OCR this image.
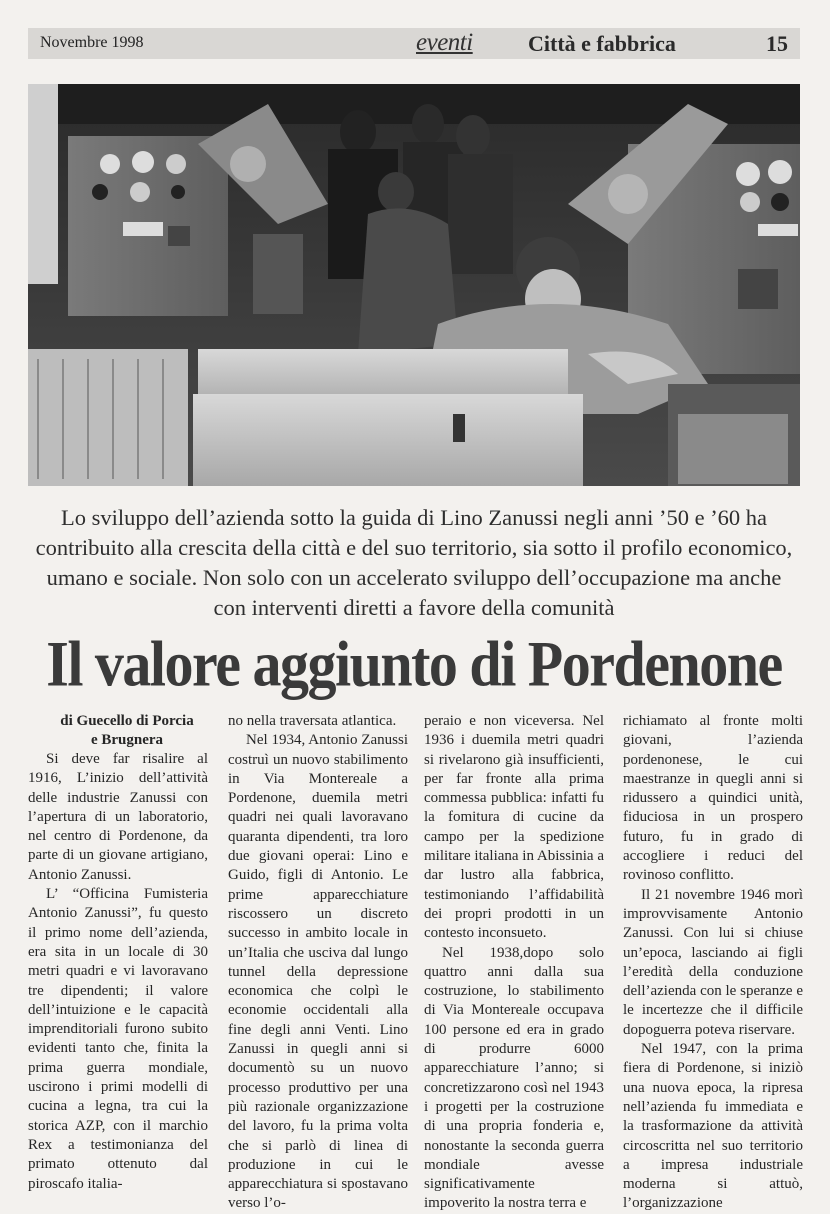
Novembre 1998	eventi	Città e fabbrica	15
Lo sviluppo dell’azienda sotto la guida di Lino Zanussi negli anni ’50 e ’60 ha contribuito alla crescita della città e del suo territorio, sia sotto il profilo economico, umano e sociale. Non solo con un accelerato sviluppo dell’occupazione ma anche con interventi diretti a favore della comunità
Il valore aggiunto di Pordenone

di Guecello di Porcia
e Brugnera

Si deve far risalire al 1916, L’inizio dell’attività delle industrie Zanussi con l’apertura di un laboratorio, nel centro di Pordenone, da parte di un giovane artigiano, Antonio Zanussi.

L’ “Officina Fumisteria Antonio Zanussi”, fu questo il primo nome dell’azienda, era sita in un locale di 30 metri quadri e vi lavoravano tre dipendenti; il valore dell’intuizione e le capacità imprenditoriali furono subito evidenti tanto che, finita la prima guerra mondiale, uscirono i primi modelli di cucina a legna, tra cui la storica AZP, con il marchio Rex a testimonianza del primato ottenuto dal piroscafo italia-

no nella traversata atlantica.

Nel 1934, Antonio Zanussi costruì un nuovo stabilimento in Via Montereale a Pordenone, duemila metri quadri nei quali lavoravano quaranta dipendenti, tra loro due giovani operai: Lino e Guido, figli di Antonio. Le prime apparecchiature riscossero un discreto successo in ambito locale in un’Italia che usciva dal lungo tunnel della depressione economica che colpì le economie occidentali alla fine degli anni Venti. Lino Zanussi in quegli anni si documentò su un nuovo processo produttivo per una più razionale organizzazione del lavoro, fu la prima volta che si parlò di linea di produzione in cui le apparecchiatura si spostavano verso l’o-

peraio e non viceversa. Nel 1936 i duemila metri quadri si rivelarono già insufficienti, per far fronte alla prima commessa pubblica: infatti fu la fomitura di cucine da campo per la spedizione militare italiana in Abissinia a dar lustro alla fabbrica, testimoniando l’affidabilità dei propri prodotti in un contesto inconsueto.

Nel 1938,dopo solo quattro anni dalla sua costruzione, lo stabilimento di Via Montereale occupava 100 persone ed era in grado di produrre 6000 apparecchiature l’anno; si concretizzarono così nel 1943 i progetti per la costruzione di una propria fonderia e, nonostante la seconda guerra mondiale avesse significativamente impoverito la nostra terra e

richiamato al fronte molti giovani, l’azienda pordenonese, le cui maestranze in quegli anni si ridussero a quindici unità, fiduciosa in un prospero futuro, fu in grado di accogliere i reduci del rovinoso conflitto.

Il 21 novembre 1946 morì improvvisamente Antonio Zanussi. Con lui si chiuse un’epoca, lasciando ai figli l’eredità della conduzione dell’azienda con le speranze e le incertezze che il difficile dopoguerra poteva riservare.

Nel 1947, con la prima fiera di Pordenone, si iniziò una nuova epoca, la ripresa nell’azienda fu immediata e la trasformazione da attività circoscritta nel suo territorio a impresa industriale moderna si attuò, l’organizzazione
